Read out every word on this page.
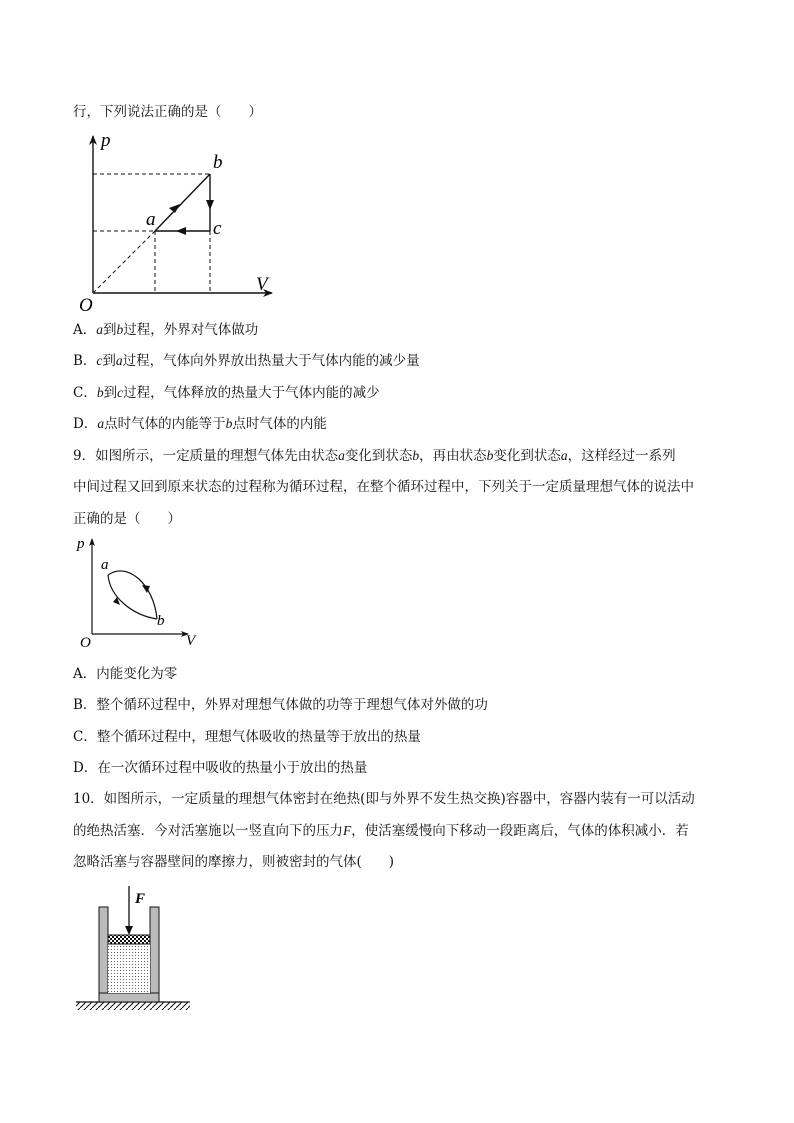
行，下列说法正确的是（　　）
p
V
O
a
b
c
A．a到b过程，外界对气体做功
B．c到a过程，气体向外界放出热量大于气体内能的减少量
C．b到c过程，气体释放的热量大于气体内能的减少
D．a点时气体的内能等于b点时气体的内能
9．如图所示，一定质量的理想气体先由状态a变化到状态b，再由状态b变化到状态a，这样经过一系列
中间过程又回到原来状态的过程称为循环过程，在整个循环过程中，下列关于一定质量理想气体的说法中
正确的是（　　）
p
V
O
a
b
A．内能变化为零
B．整个循环过程中，外界对理想气体做的功等于理想气体对外做的功
C．整个循环过程中，理想气体吸收的热量等于放出的热量
D．在一次循环过程中吸收的热量小于放出的热量
10．如图所示，一定质量的理想气体密封在绝热(即与外界不发生热交换)容器中，容器内装有一可以活动
的绝热活塞．今对活塞施以一竖直向下的压力F，使活塞缓慢向下移动一段距离后，气体的体积减小．若
忽略活塞与容器壁间的摩擦力，则被密封的气体(　　)
F
